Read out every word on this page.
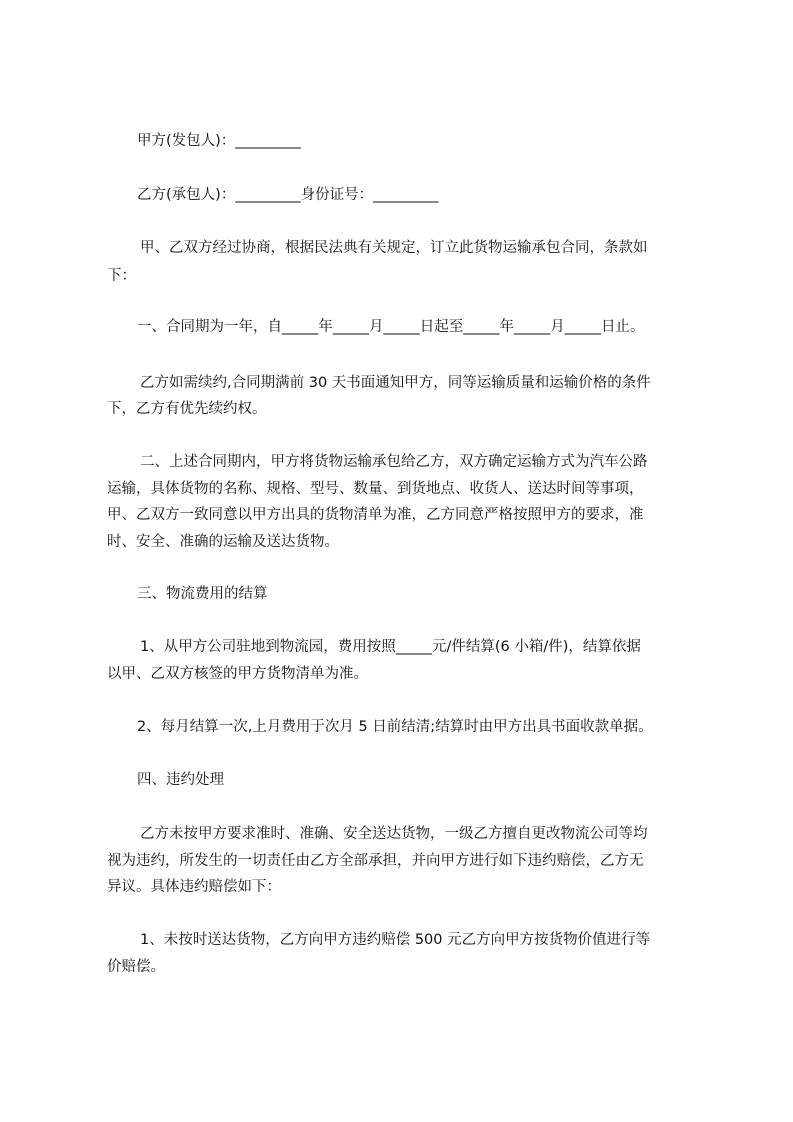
甲方(发包人)：_________
乙方(承包人)：_________身份证号：_________
甲、乙双方经过协商，根据民法典有关规定，订立此货物运输承包合同，条款如
下：
一、合同期为一年，自_____年_____月_____日起至_____年_____月_____日止。
乙方如需续约,合同期满前 30 天书面通知甲方，同等运输质量和运输价格的条件
下，乙方有优先续约权。
二、上述合同期内，甲方将货物运输承包给乙方，双方确定运输方式为汽车公路
运输，具体货物的名称、规格、型号、数量、到货地点、收货人、送达时间等事项，
甲、乙双方一致同意以甲方出具的货物清单为准，乙方同意严格按照甲方的要求，准
时、安全、准确的运输及送达货物。
三、物流费用的结算
1、从甲方公司驻地到物流园，费用按照_____元/件结算(6 小箱/件)，结算依据
以甲、乙双方核签的甲方货物清单为准。
2、每月结算一次,上月费用于次月 5 日前结清;结算时由甲方出具书面收款单据。
四、违约处理
乙方未按甲方要求准时、准确、安全送达货物，一级乙方擅自更改物流公司等均
视为违约，所发生的一切责任由乙方全部承担，并向甲方进行如下违约赔偿，乙方无
异议。具体违约赔偿如下：
1、未按时送达货物，乙方向甲方违约赔偿 500 元乙方向甲方按货物价值进行等
价赔偿。
